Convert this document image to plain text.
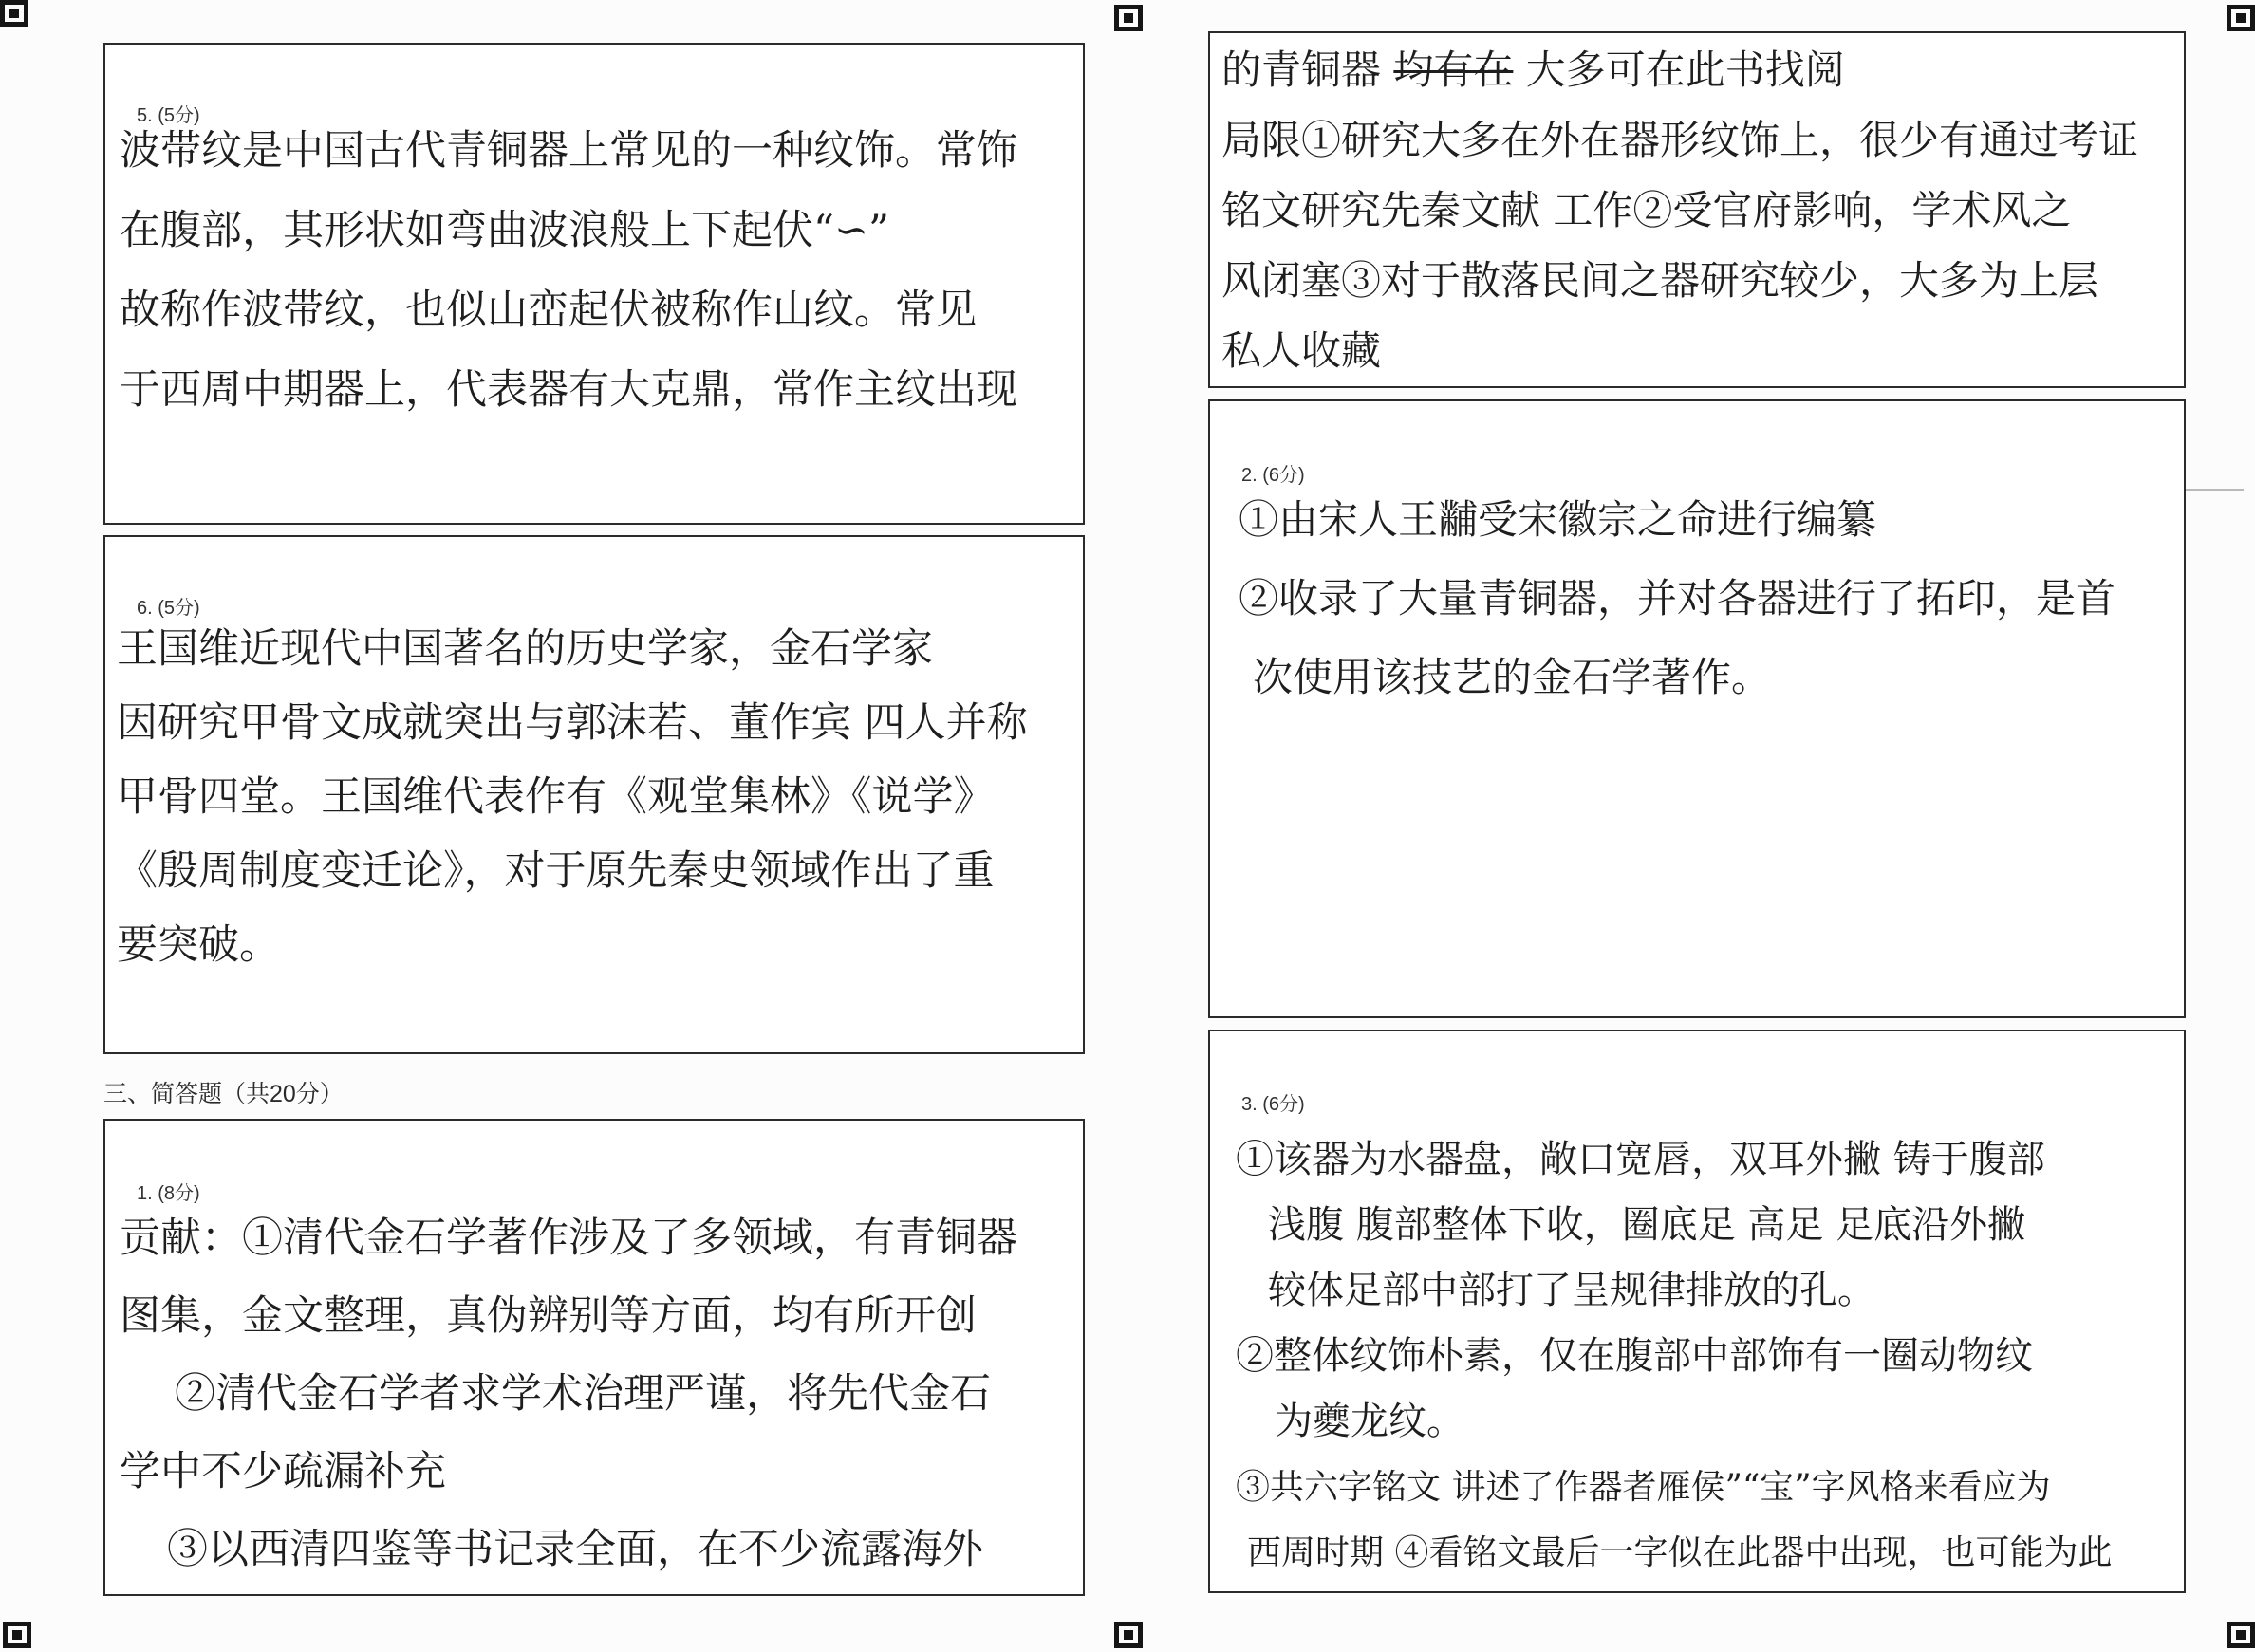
5. (5分)
波带纹是中国古代青铜器上常见的一种纹饰。常饰
在腹部，其形状如弯曲波浪般上下起伏“∽”
故称作波带纹，也似山峦起伏被称作山纹。常见
于西周中期器上，代表器有大克鼎，常作主纹出现
6. (5分)
王国维近现代中国著名的历史学家，金石学家
因研究甲骨文成就突出与郭沫若、董作宾 四人并称
甲骨四堂。王国维代表作有《观堂集林》《说学》
《殷周制度变迁论》，对于原先秦史领域作出了重
要突破。
三、简答题（共20分）
1. (8分)
贡献：①清代金石学著作涉及了多领域，有青铜器
图集，金文整理，真伪辨别等方面，均有所开创
②清代金石学者求学术治理严谨，将先代金石
学中不少疏漏补充
③以西清四鉴等书记录全面，在不少流露海外
的青铜器 均有在 大多可在此书找阅
局限①研究大多在外在器形纹饰上，很少有通过考证
铭文研究先秦文献 工作②受官府影响，学术风之
风闭塞③对于散落民间之器研究较少，大多为上层
私人收藏
2. (6分)
①由宋人王黼受宋徽宗之命进行编纂
②收录了大量青铜器，并对各器进行了拓印，是首
次使用该技艺的金石学著作。
3. (6分)
①该器为水器盘，敞口宽唇，双耳外撇 铸于腹部
浅腹 腹部整体下收，圈底足 高足 足底沿外撇
较体足部中部打了呈规律排放的孔。
②整体纹饰朴素，仅在腹部中部饰有一圈动物纹
为夔龙纹。
③共六字铭文 讲述了作器者雁侯”“宝”字风格来看应为
西周时期 ④看铭文最后一字似在此器中出现，也可能为此
